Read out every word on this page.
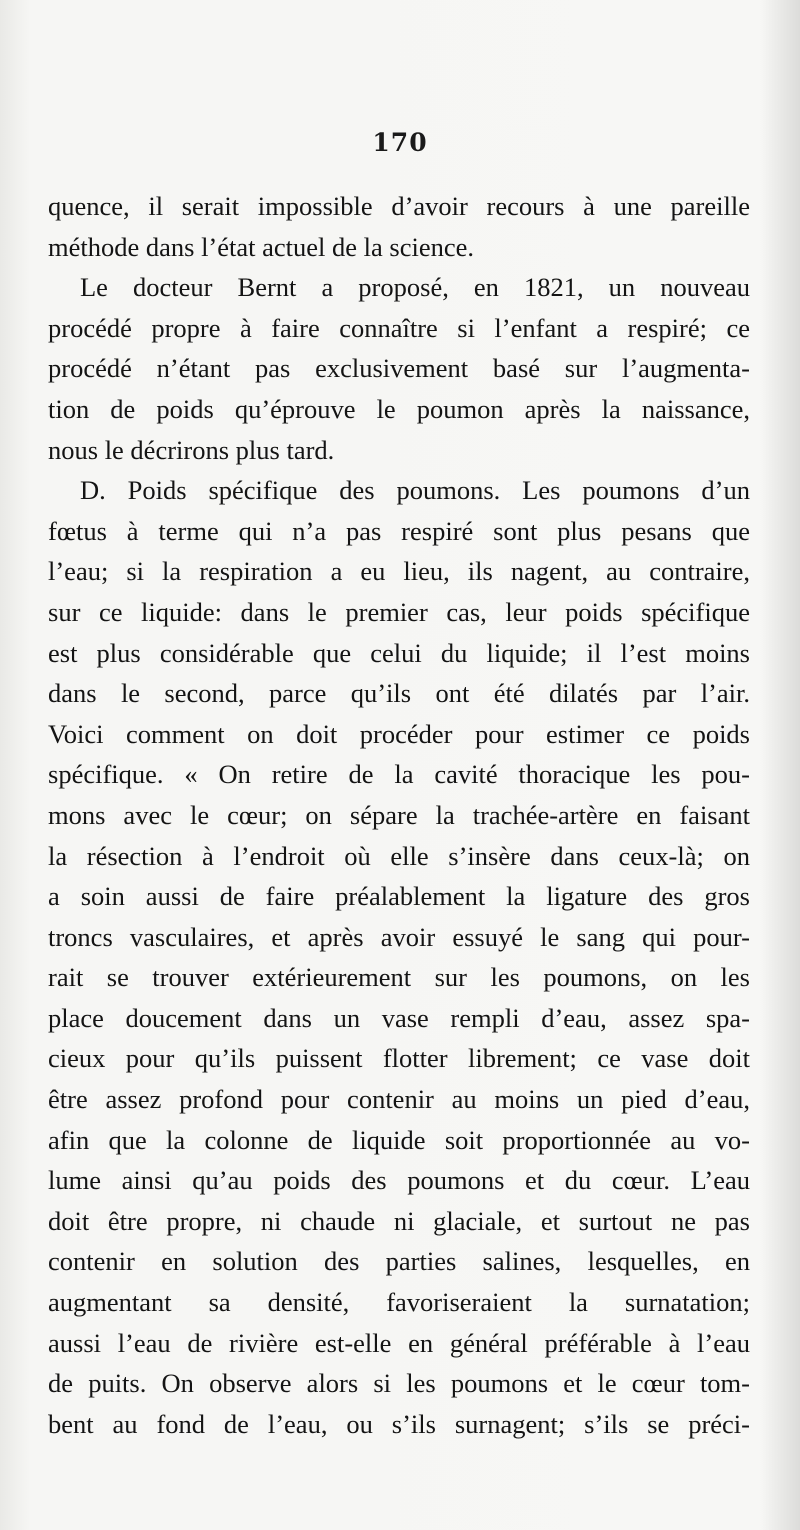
170
quence, il serait impossible d’avoir recours à une pareille
méthode dans l’état actuel de la science.
Le docteur Bernt a proposé, en 1821, un nouveau
procédé propre à faire connaître si l’enfant a respiré; ce
procédé n’étant pas exclusivement basé sur l’augmenta-
tion de poids qu’éprouve le poumon après la naissance,
nous le décrirons plus tard.
D. Poids spécifique des poumons. Les poumons d’un
fœtus à terme qui n’a pas respiré sont plus pesans que
l’eau; si la respiration a eu lieu, ils nagent, au contraire,
sur ce liquide: dans le premier cas, leur poids spécifique
est plus considérable que celui du liquide; il l’est moins
dans le second, parce qu’ils ont été dilatés par l’air.
Voici comment on doit procéder pour estimer ce poids
spécifique. « On retire de la cavité thoracique les pou-
mons avec le cœur; on sépare la trachée-artère en faisant
la résection à l’endroit où elle s’insère dans ceux-là; on
a soin aussi de faire préalablement la ligature des gros
troncs vasculaires, et après avoir essuyé le sang qui pour-
rait se trouver extérieurement sur les poumons, on les
place doucement dans un vase rempli d’eau, assez spa-
cieux pour qu’ils puissent flotter librement; ce vase doit
être assez profond pour contenir au moins un pied d’eau,
afin que la colonne de liquide soit proportionnée au vo-
lume ainsi qu’au poids des poumons et du cœur. L’eau
doit être propre, ni chaude ni glaciale, et surtout ne pas
contenir en solution des parties salines, lesquelles, en
augmentant sa densité, favoriseraient la surnatation;
aussi l’eau de rivière est-elle en général préférable à l’eau
de puits. On observe alors si les poumons et le cœur tom-
bent au fond de l’eau, ou s’ils surnagent; s’ils se préci-
